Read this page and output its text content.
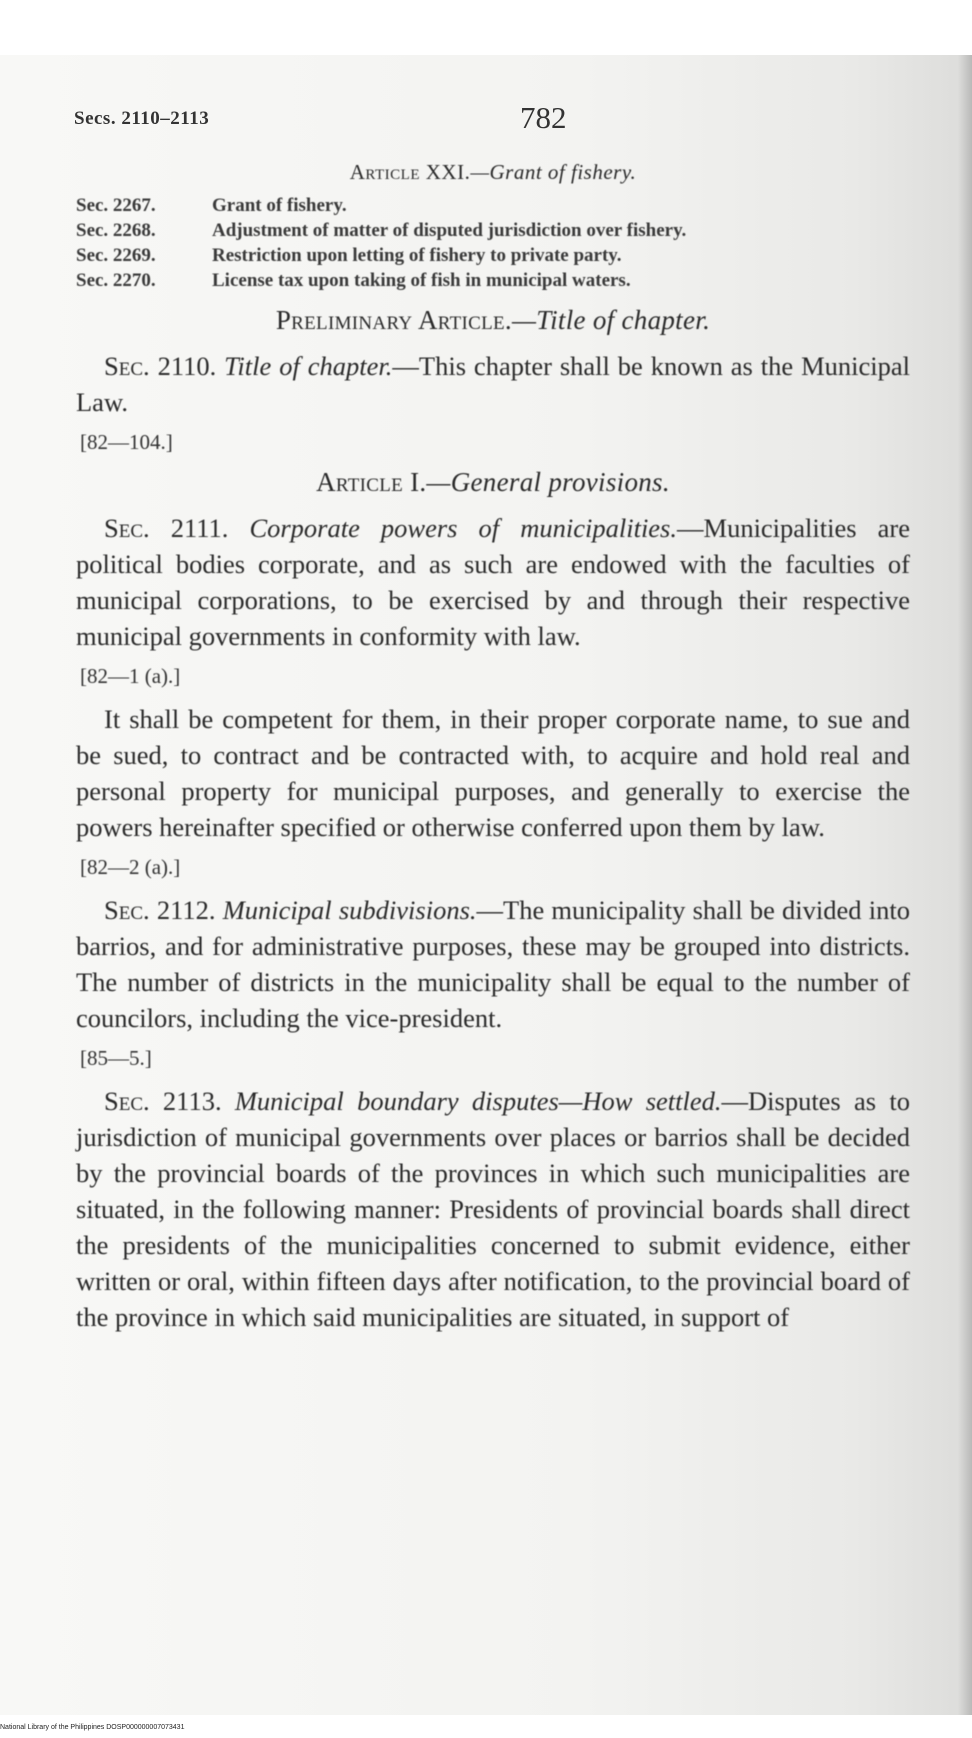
Secs. 2110–2113	782
Article XXI.—Grant of fishery.
Sec. 2267.	Grant of fishery.
Sec. 2268.	Adjustment of matter of disputed jurisdiction over fishery.
Sec. 2269.	Restriction upon letting of fishery to private party.
Sec. 2270.	License tax upon taking of fish in municipal waters.
Preliminary Article.—Title of chapter.

Sec. 2110. Title of chapter.—This chapter shall be known as the Municipal Law.

[82—104.]
Article I.—General provisions.

Sec. 2111. Corporate powers of municipalities.—Municipalities are political bodies corporate, and as such are endowed with the faculties of municipal corporations, to be exercised by and through their respective municipal governments in conformity with law.

[82—1 (a).]

It shall be competent for them, in their proper corporate name, to sue and be sued, to contract and be contracted with, to acquire and hold real and personal property for municipal purposes, and generally to exercise the powers hereinafter specified or otherwise conferred upon them by law.

[82—2 (a).]

Sec. 2112. Municipal subdivisions.—The municipality shall be divided into barrios, and for administrative purposes, these may be grouped into districts. The number of districts in the municipality shall be equal to the number of councilors, including the vice-president.

[85—5.]

Sec. 2113. Municipal boundary disputes—How settled.—Disputes as to jurisdiction of municipal governments over places or barrios shall be decided by the provincial boards of the provinces in which such municipalities are situated, in the following manner: Presidents of provincial boards shall direct the presidents of the municipalities concerned to submit evidence, either written or oral, within fifteen days after notification, to the provincial board of the province in which said municipalities are situated, in support of

National Library of the Philippines DOSP000000007073431
